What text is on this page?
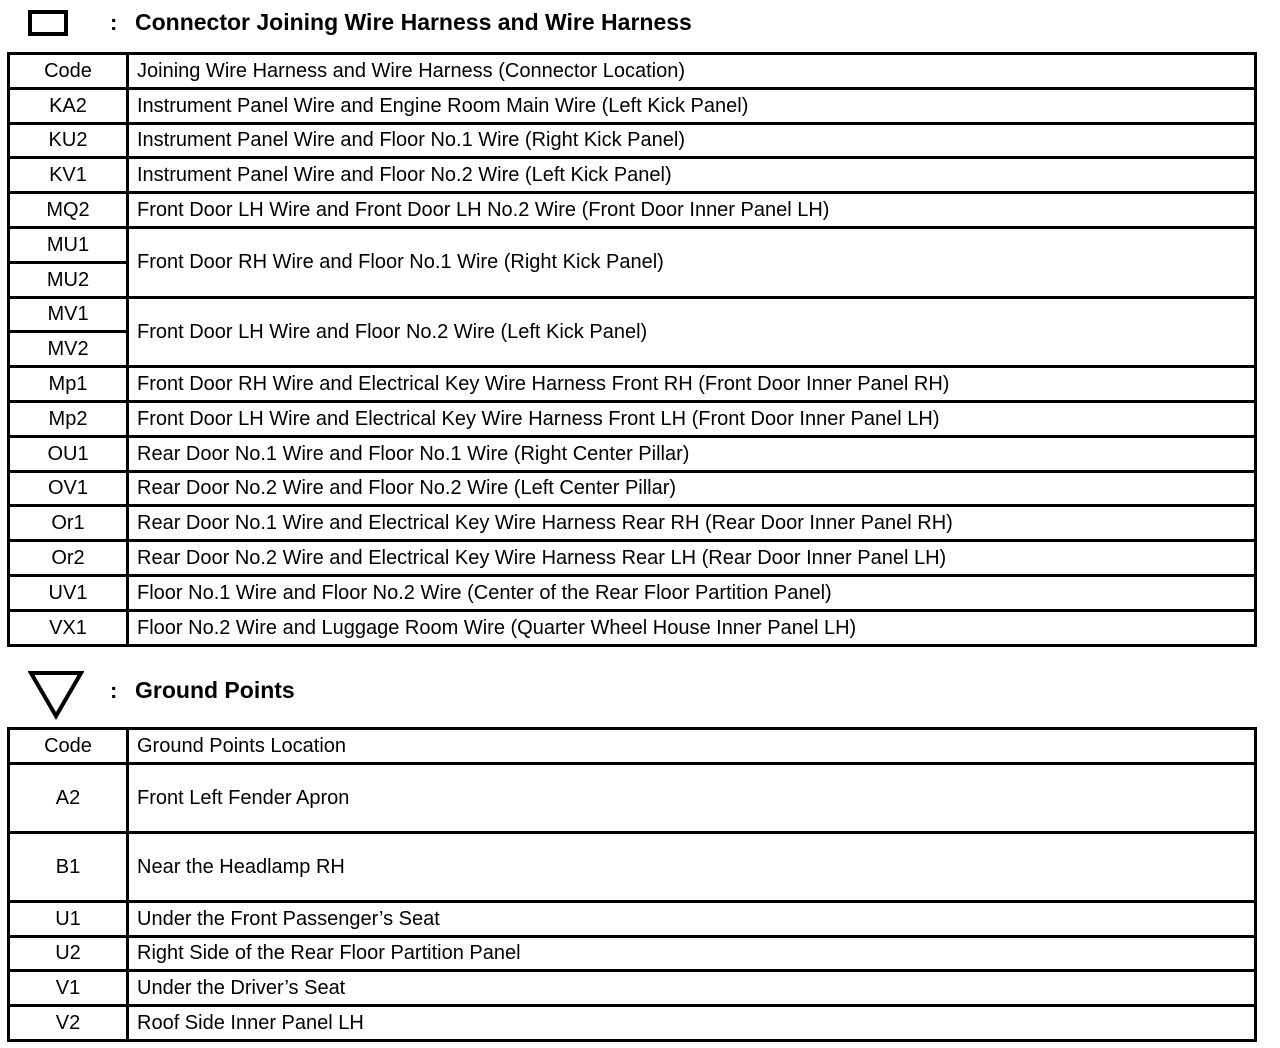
: Connector Joining Wire Harness and Wire Harness
Code	Joining Wire Harness and Wire Harness (Connector Location)
KA2	Instrument Panel Wire and Engine Room Main Wire (Left Kick Panel)
KU2	Instrument Panel Wire and Floor No.1 Wire (Right Kick Panel)
KV1	Instrument Panel Wire and Floor No.2 Wire (Left Kick Panel)
MQ2	Front Door LH Wire and Front Door LH No.2 Wire (Front Door Inner Panel LH)
MU1	Front Door RH Wire and Floor No.1 Wire (Right Kick Panel)
MU2	
MV1	Front Door LH Wire and Floor No.2 Wire (Left Kick Panel)
MV2	
Mp1	Front Door RH Wire and Electrical Key Wire Harness Front RH (Front Door Inner Panel RH)
Mp2	Front Door LH Wire and Electrical Key Wire Harness Front LH (Front Door Inner Panel LH)
OU1	Rear Door No.1 Wire and Floor No.1 Wire (Right Center Pillar)
OV1	Rear Door No.2 Wire and Floor No.2 Wire (Left Center Pillar)
Or1	Rear Door No.1 Wire and Electrical Key Wire Harness Rear RH (Rear Door Inner Panel RH)
Or2	Rear Door No.2 Wire and Electrical Key Wire Harness Rear LH (Rear Door Inner Panel LH)
UV1	Floor No.1 Wire and Floor No.2 Wire (Center of the Rear Floor Partition Panel)
VX1	Floor No.2 Wire and Luggage Room Wire (Quarter Wheel House Inner Panel LH)
: Ground Points
Code	Ground Points Location
A2	Front Left Fender Apron
B1	Near the Headlamp RH
U1	Under the Front Passenger’s Seat
U2	Right Side of the Rear Floor Partition Panel
V1	Under the Driver’s Seat
V2	Roof Side Inner Panel LH
